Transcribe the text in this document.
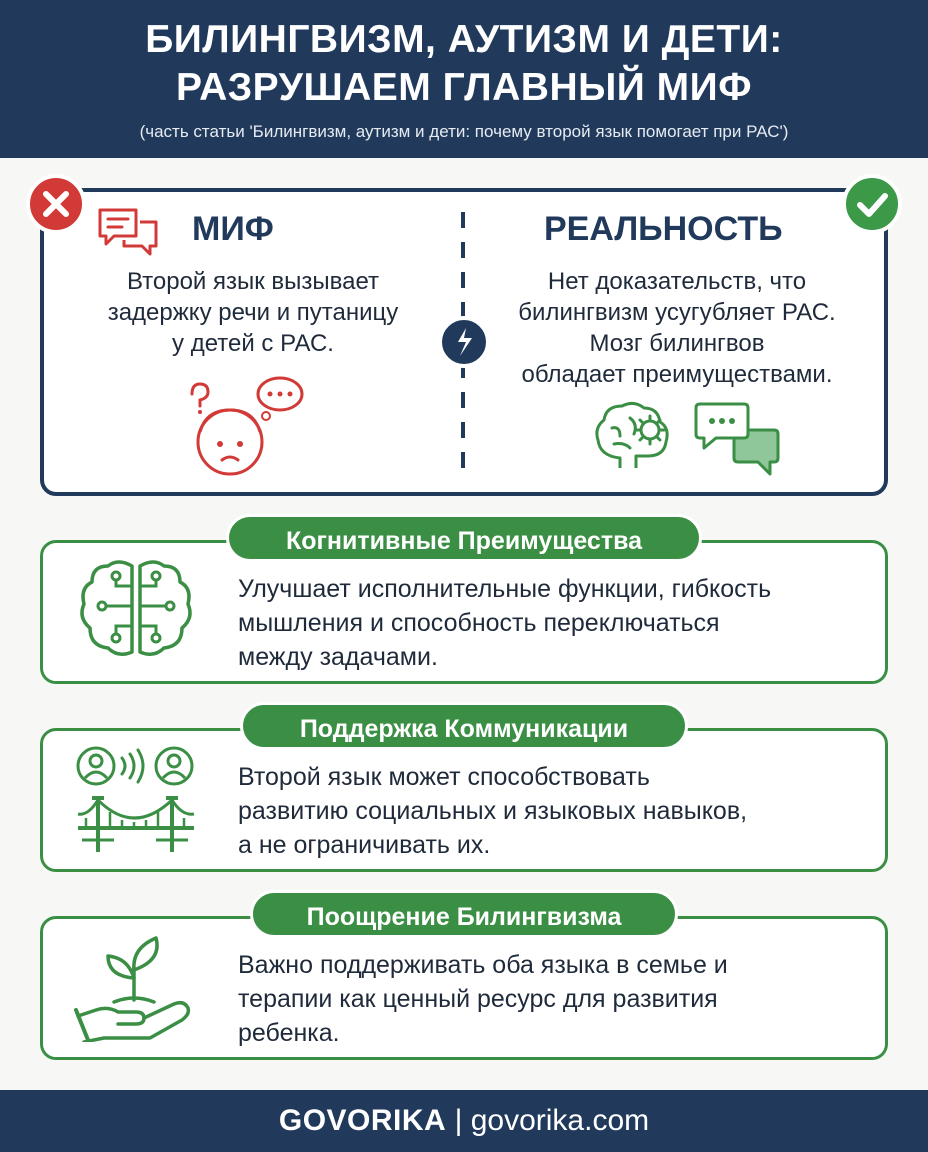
БИЛИНГВИЗМ, АУТИЗМ И ДЕТИ:
РАЗРУШАЕМ ГЛАВНЫЙ МИФ
(часть статьи 'Билингвизм, аутизм и дети: почему второй язык помогает при РАС')
МИФ
Второй язык вызывает
задержку речи и путаницу
у детей с РАС.
РЕАЛЬНОСТЬ
Нет доказательств, что
билингвизм усугубляет РАС.
Мозг билингвов
обладает преимуществами.
Когнитивные Преимущества
Улучшает исполнительные функции, гибкость
мышления и способность переключаться
между задачами.
Поддержка Коммуникации
Второй язык может способствовать
развитию социальных и языковых навыков,
а не ограничивать их.
Поощрение Билингвизма
Важно поддерживать оба языка в семье и
терапии как ценный ресурс для развития
ребенка.
GOVORIKA | govorika.com
